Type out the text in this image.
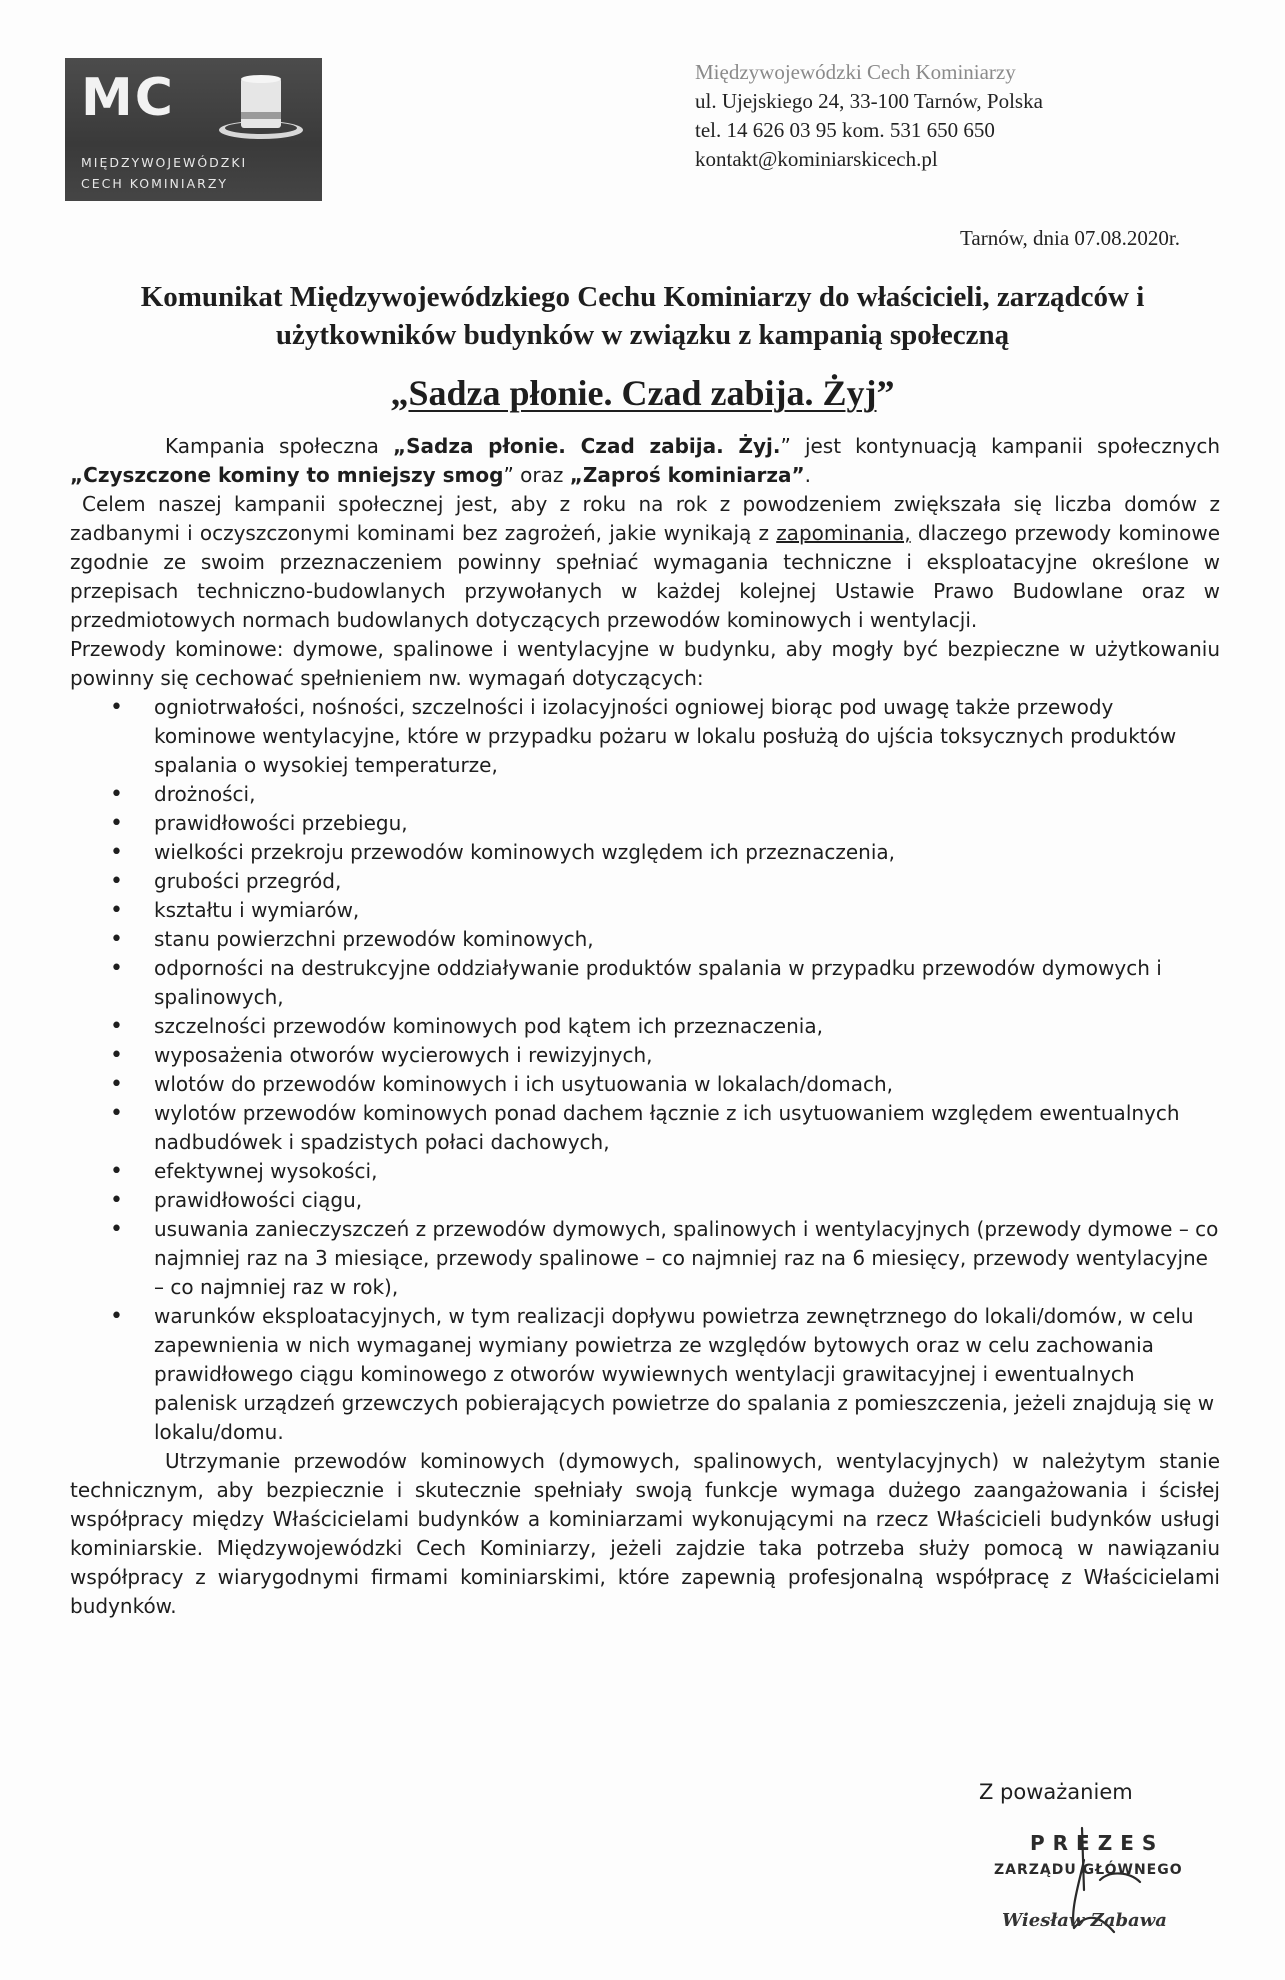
MC
MIĘDZYWOJEWÓDZKI
CECH KOMINIARZY
Międzywojewódzki Cech Kominiarzy
ul. Ujejskiego 24, 33-100 Tarnów, Polska
tel. 14 626 03 95 kom. 531 650 650
kontakt@kominiarskicech.pl
Tarnów, dnia 07.08.2020r.
Komunikat Międzywojewódzkiego Cechu Kominiarzy do właścicieli, zarządców i użytkowników budynków w związku z kampanią społeczną
„Sadza płonie. Czad zabija. Żyj”

Kampania społeczna „Sadza płonie. Czad zabija. Żyj.” jest kontynuacją kampanii społecznych „Czyszczone kominy to mniejszy smog” oraz „Zaproś kominiarza”.

Celem naszej kampanii społecznej jest, aby z roku na rok z powodzeniem zwiększała się liczba domów z zadbanymi i oczyszczonymi kominami bez zagrożeń, jakie wynikają z zapominania, dlaczego przewody kominowe zgodnie ze swoim przeznaczeniem powinny spełniać wymagania techniczne i eksploatacyjne określone w przepisach techniczno-budowlanych przywołanych w każdej kolejnej Ustawie Prawo Budowlane oraz w przedmiotowych normach budowlanych dotyczących przewodów kominowych i wentylacji.

Przewody kominowe: dymowe, spalinowe i wentylacyjne w budynku, aby mogły być bezpieczne w użytkowaniu powinny się cechować spełnieniem nw. wymagań dotyczących:

• ogniotrwałości, nośności, szczelności i izolacyjności ogniowej biorąc pod uwagę także przewody kominowe wentylacyjne, które w przypadku pożaru w lokalu posłużą do ujścia toksycznych produktów spalania o wysokiej temperaturze,
• drożności,
• prawidłowości przebiegu,
• wielkości przekroju przewodów kominowych względem ich przeznaczenia,
• grubości przegród,
• kształtu i wymiarów,
• stanu powierzchni przewodów kominowych,
• odporności na destrukcyjne oddziaływanie produktów spalania w przypadku przewodów dymowych i spalinowych,
• szczelności przewodów kominowych pod kątem ich przeznaczenia,
• wyposażenia otworów wycierowych i rewizyjnych,
• wlotów do przewodów kominowych i ich usytuowania w lokalach/domach,
• wylotów przewodów kominowych ponad dachem łącznie z ich usytuowaniem względem ewentualnych nadbudówek i spadzistych połaci dachowych,
• efektywnej wysokości,
• prawidłowości ciągu,
• usuwania zanieczyszczeń z przewodów dymowych, spalinowych i wentylacyjnych (przewody dymowe – co najmniej raz na 3 miesiące, przewody spalinowe – co najmniej raz na 6 miesięcy, przewody wentylacyjne – co najmniej raz w rok),
• warunków eksploatacyjnych, w tym realizacji dopływu powietrza zewnętrznego do lokali/domów, w celu zapewnienia w nich wymaganej wymiany powietrza ze względów bytowych oraz w celu zachowania prawidłowego ciągu kominowego z otworów wywiewnych wentylacji grawitacyjnej i ewentualnych palenisk urządzeń grzewczych pobierających powietrze do spalania z pomieszczenia, jeżeli znajdują się w lokalu/domu.

Utrzymanie przewodów kominowych (dymowych, spalinowych, wentylacyjnych) w należytym stanie technicznym, aby bezpiecznie i skutecznie spełniały swoją funkcje wymaga dużego zaangażowania i ścisłej współpracy między Właścicielami budynków a kominiarzami wykonującymi na rzecz Właścicieli budynków usługi kominiarskie. Międzywojewódzki Cech Kominiarzy, jeżeli zajdzie taka potrzeba służy pomocą w nawiązaniu współpracy z wiarygodnymi firmami kominiarskimi, które zapewnią profesjonalną współpracę z Właścicielami budynków.

Z poważaniem
PREZES
ZARZĄDU GŁÓWNEGO
Wiesław Zabawa
